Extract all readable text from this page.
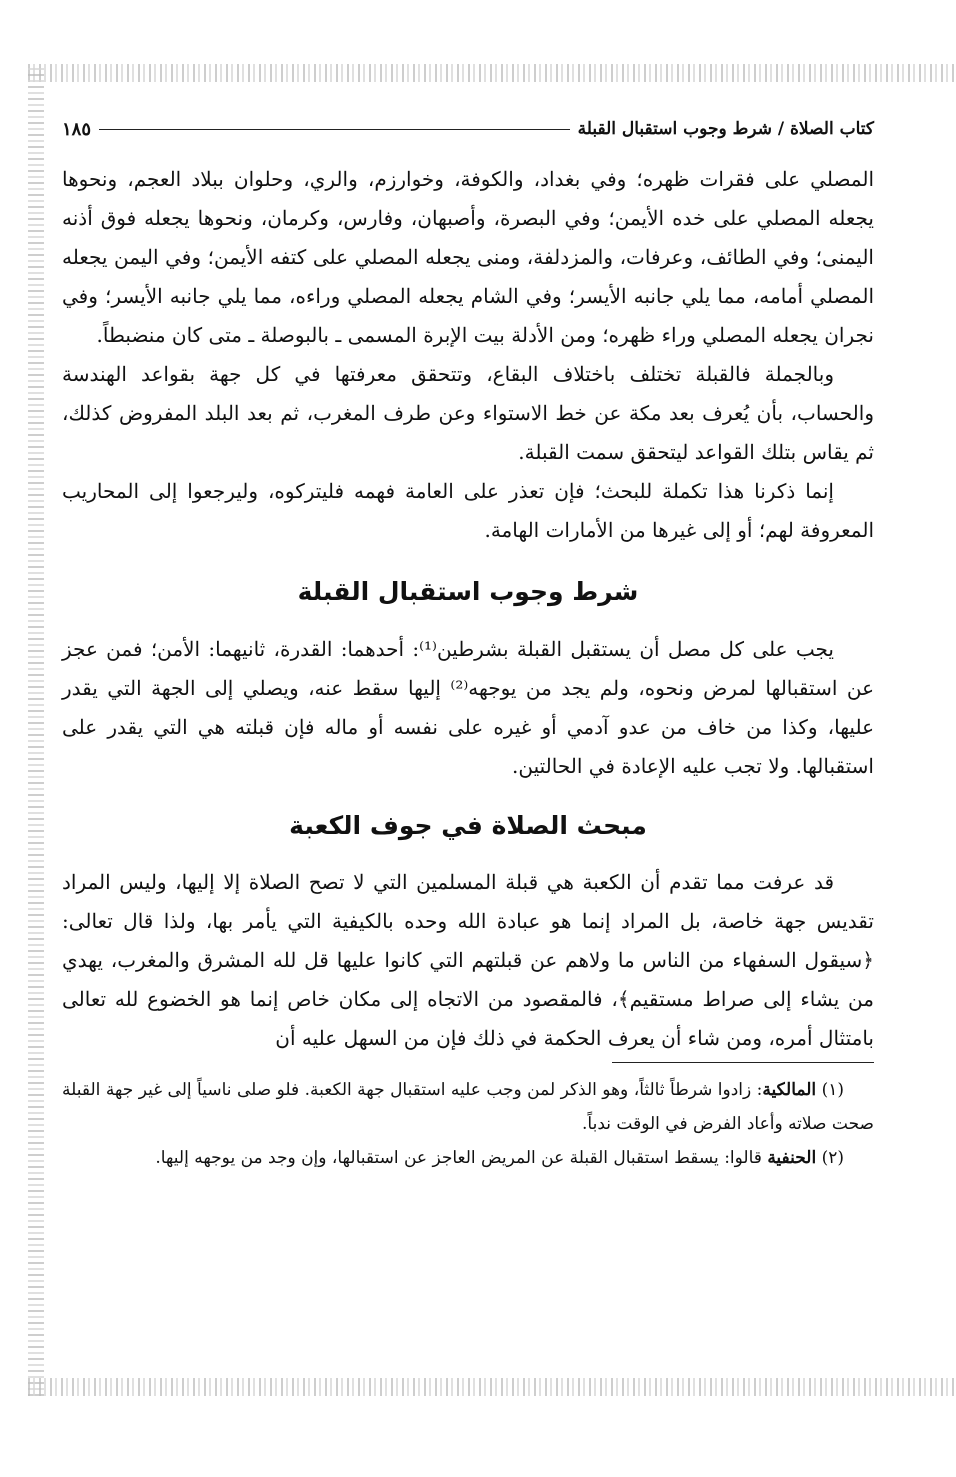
كتاب الصلاة / شرط وجوب استقبال القبلة
١٨٥

المصلي على فقرات ظهره؛ وفي بغداد، والكوفة، وخوارزم، والري، وحلوان ببلاد العجم، ونحوها يجعله المصلي على خده الأيمن؛ وفي البصرة، وأصبهان، وفارس، وكرمان، ونحوها يجعله فوق أذنه اليمنى؛ وفي الطائف، وعرفات، والمزدلفة، ومنى يجعله المصلي على كتفه الأيمن؛ وفي اليمن يجعله المصلي أمامه، مما يلي جانبه الأيسر؛ وفي الشام يجعله المصلي وراءه، مما يلي جانبه الأيسر؛ وفي نجران يجعله المصلي وراء ظهره؛ ومن الأدلة بيت الإبرة المسمى ـ بالبوصلة ـ متى كان منضبطاً.

وبالجملة فالقبلة تختلف باختلاف البقاع، وتتحقق معرفتها في كل جهة بقواعد الهندسة والحساب، بأن يُعرف بعد مكة عن خط الاستواء وعن طرف المغرب، ثم بعد البلد المفروض كذلك، ثم يقاس بتلك القواعد ليتحقق سمت القبلة.

إنما ذكرنا هذا تكملة للبحث؛ فإن تعذر على العامة فهمه فليتركوه، وليرجعوا إلى المحاريب المعروفة لهم؛ أو إلى غيرها من الأمارات الهامة.

شرط وجوب استقبال القبلة

يجب على كل مصل أن يستقبل القبلة بشرطين⁽¹⁾: أحدهما: القدرة، ثانيهما: الأمن؛ فمن عجز عن استقبالها لمرض ونحوه، ولم يجد من يوجهه⁽²⁾ إليها سقط عنه، ويصلي إلى الجهة التي يقدر عليها، وكذا من خاف من عدو آدمي أو غيره على نفسه أو ماله فإن قبلته هي التي يقدر على استقبالها. ولا تجب عليه الإعادة في الحالتين.

مبحث الصلاة في جوف الكعبة

قد عرفت مما تقدم أن الكعبة هي قبلة المسلمين التي لا تصح الصلاة إلا إليها، وليس المراد تقديس جهة خاصة، بل المراد إنما هو عبادة الله وحده بالكيفية التي يأمر بها، ولذا قال تعالى: ﴿سيقول السفهاء من الناس ما ولاهم عن قبلتهم التي كانوا عليها قل لله المشرق والمغرب، يهدي من يشاء إلى صراط مستقيم﴾، فالمقصود من الاتجاه إلى مكان خاص إنما هو الخضوع لله تعالى بامتثال أمره، ومن شاء أن يعرف الحكمة في ذلك فإن من السهل عليه أن

(١) المالكية: زادوا شرطاً ثالثاً، وهو الذكر لمن وجب عليه استقبال جهة الكعبة. فلو صلى ناسياً إلى غير جهة القبلة صحت صلاته وأعاد الفرض في الوقت ندباً.

(٢) الحنفية قالوا: يسقط استقبال القبلة عن المريض العاجز عن استقبالها، وإن وجد من يوجهه إليها.
